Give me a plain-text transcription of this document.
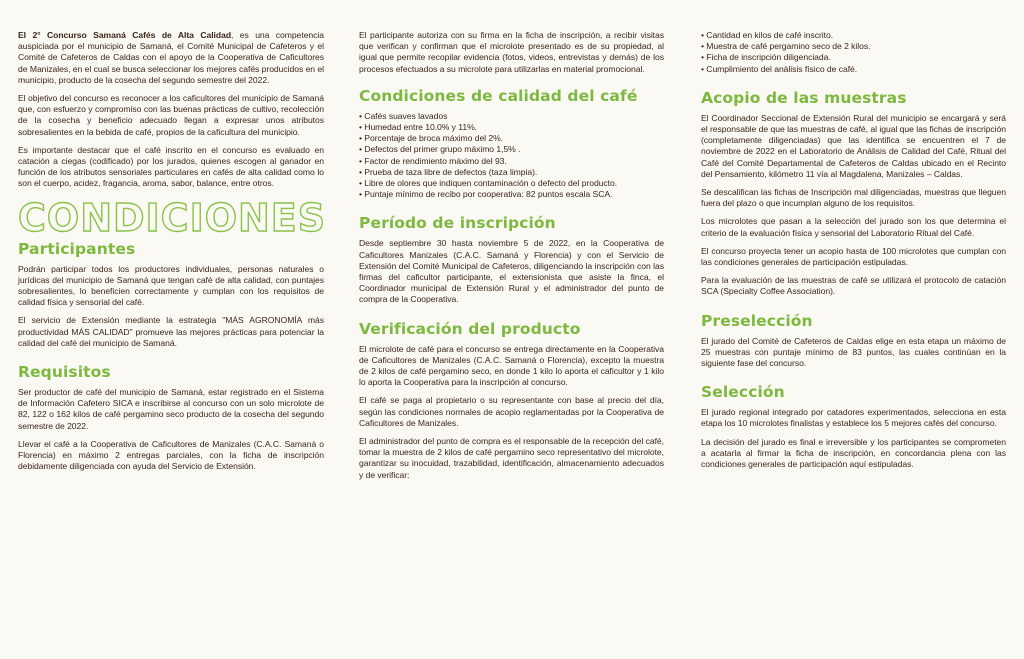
El 2° Concurso Samaná Cafés de Alta Calidad, es una competencia auspiciada por el municipio de Samaná, el Comité Municipal de Cafeteros y el Comité de Cafeteros de Caldas con el apoyo de la Cooperativa de Caficultores de Manizales, en el cual se busca seleccionar los mejores cafés producidos en el municipio, producto de la cosecha del segundo semestre del 2022.

El objetivo del concurso es reconocer a los caficultores del municipio de Samaná que, con esfuerzo y compromiso con las buenas prácticas de cultivo, recolección de la cosecha y beneficio adecuado llegan a expresar unos atributos sobresalientes en la bebida de café, propios de la caficultura del municipio.

Es importante destacar que el café inscrito en el concurso es evaluado en catación a ciegas (codificado) por los jurados, quienes escogen al ganador en función de los atributos sensoriales particulares en cafés de alta calidad como lo son el cuerpo, acidez, fragancia, aroma, sabor, balance, entre otros.

CONDICIONES
Participantes

Podrán participar todos los productores individuales, personas naturales o jurídicas del municipio de Samaná que tengan café de alta calidad, con puntajes sobresalientes, lo beneficien correctamente y cumplan con los requisitos de calidad física y sensorial del café.

El servicio de Extensión mediante la estrategia "MÁS AGRONOMÍA más productividad MÁS CALIDAD" promueve las mejores prácticas para potenciar la calidad del café del municipio de Samaná.

Requisitos

Ser productor de café del municipio de Samaná, estar registrado en el Sistema de Información Cafetero SICA e inscribirse al concurso con un solo microlote de 82, 122 o 162 kilos de café pergamino seco producto de la cosecha del segundo semestre de 2022.

Llevar el café a la Cooperativa de Caficultores de Manizales (C.A.C. Samaná o Florencia) en máximo 2 entregas parciales, con la ficha de inscripción debidamente diligenciada con ayuda del Servicio de Extensión.

El participante autoriza con su firma en la ficha de inscripción, a recibir visitas que verifican y confirman que el microlote presentado es de su propiedad, al igual que permite recopilar evidencia (fotos, videos, entrevistas y demás) de los procesos efectuados a su microlote para utilizarlas en material promocional.

Condiciones de calidad del café
• Cafés suaves lavados
• Humedad entre 10.0% y 11%.
• Porcentaje de broca máximo del 2%.
• Defectos del primer grupo máximo 1,5% .
• Factor de rendimiento máximo del 93.
• Prueba de taza libre de defectos (taza limpia).
• Libre de olores que indiquen contaminación o defecto del producto.
• Puntaje mínimo de recibo por cooperativa: 82 puntos escala SCA.
Período de inscripción

Desde septiembre 30 hasta noviembre 5 de 2022, en la Cooperativa de Caficultores Manizales (C.A.C. Samaná y Florencia) y con el Servicio de Extensión del Comité Municipal de Cafeteros, diligenciando la inscripción con las firmas del caficultor participante, el extensionista que asiste la finca, el Coordinador municipal de Extensión Rural y el administrador del punto de compra de la Cooperativa.

Verificación del producto

El microlote de café para el concurso se entrega directamente en la Cooperativa de Caficultores de Manizales (C.A.C. Samaná o Florencia), excepto la muestra de 2 kilos de café pergamino seco, en donde 1 kilo lo aporta el caficultor y 1 kilo lo aporta la Cooperativa para la inscripción al concurso.

El café se paga al propietario o su representante con base al precio del día, según las condiciones normales de acopio reglamentadas por la Cooperativa de Caficultores de Manizales.

El administrador del punto de compra es el responsable de la recepción del café, tomar la muestra de 2 kilos de café pergamino seco representativo del microlote, garantizar su inocuidad, trazabilidad, identificación, almacenamiento adecuados y de verificar:

• Cantidad en kilos de café inscrito.
• Muestra de café pergamino seco de 2 kilos.
• Ficha de inscripción diligenciada.
• Cumplimiento del análisis físico de café.
Acopio de las muestras

El Coordinador Seccional de Extensión Rural del municipio se encargará y será el responsable de que las muestras de café, al igual que las fichas de inscripción (completamente diligenciadas) que las identifica se encuentren el 7 de noviembre de 2022 en el Laboratorio de Análisis de Calidad del Café, Ritual del Café del Comité Departamental de Cafeteros de Caldas ubicado en el Recinto del Pensamiento, kilómetro 11 vía al Magdalena, Manizales – Caldas.

Se descalifican las fichas de Inscripción mal diligenciadas, muestras que lleguen fuera del plazo o que incumplan alguno de los requisitos.

Los microlotes que pasan a la selección del jurado son los que determina el criterio de la evaluación física y sensorial del Laboratorio Ritual del Café.

El concurso proyecta tener un acopio hasta de 100 microlotes que cumplan con las condiciones generales de participación estipuladas.

Para la evaluación de las muestras de café se utilizará el protocolo de catación SCA (Specialty Coffee Association).

Preselección

El jurado del Comité de Cafeteros de Caldas elige en esta etapa un máximo de 25 muestras con puntaje mínimo de 83 puntos, las cuales continúan en la siguiente fase del concurso.

Selección

El jurado regional integrado por catadores experimentados, selecciona en esta etapa los 10 microlotes finalistas y establece los 5 mejores cafés del concurso.

La decisión del jurado es final e irreversible y los participantes se comprometen a acatarla al firmar la ficha de inscripción, en concordancia plena con las condiciones generales de participación aquí estipuladas.
